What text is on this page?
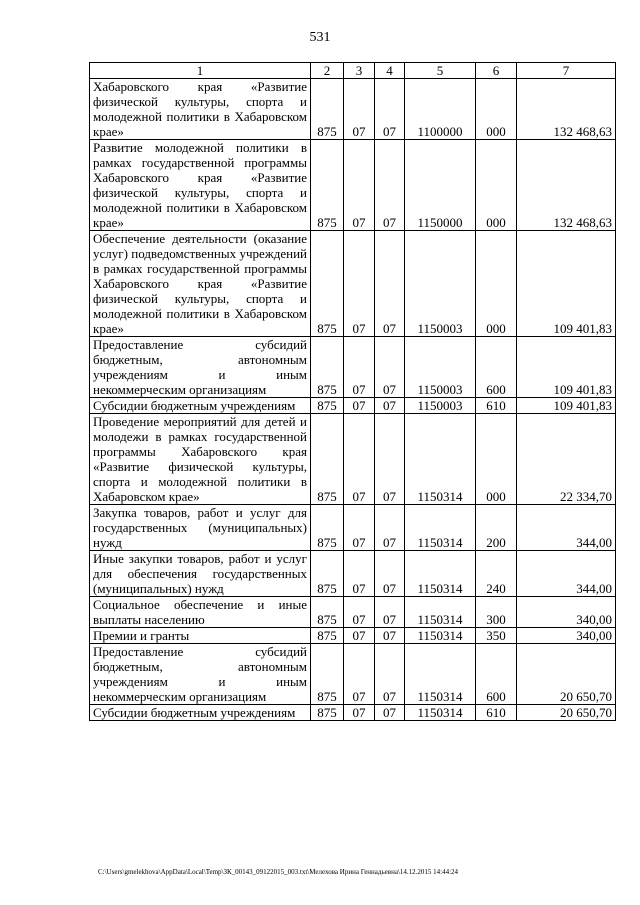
531
1	2	3	4	5	6	7
Хабаровского края «Развитие физической культуры, спорта и молодежной политики в Хабаровском крае»	875	07	07	1100000	000	132 468,63
Развитие молодежной политики в рамках государственной программы Хабаровского края «Развитие физической культуры, спорта и молодежной политики в Хабаровском крае»	875	07	07	1150000	000	132 468,63
Обеспечение деятельности (оказание услуг) подведомственных учреждений в рамках государственной программы Хабаровского края «Развитие физической культуры, спорта и молодежной политики в Хабаровском крае»	875	07	07	1150003	000	109 401,83
Предоставление субсидий бюджетным, автономным учреждениям и иным некоммерческим организациям	875	07	07	1150003	600	109 401,83
Субсидии бюджетным учреждениям	875	07	07	1150003	610	109 401,83
Проведение мероприятий для детей и молодежи в рамках государственной программы Хабаровского края «Развитие физической культуры, спорта и молодежной политики в Хабаровском крае»	875	07	07	1150314	000	22 334,70
Закупка товаров, работ и услуг для государственных (муниципальных) нужд	875	07	07	1150314	200	344,00
Иные закупки товаров, работ и услуг для обеспечения государственных (муниципальных) нужд	875	07	07	1150314	240	344,00
Социальное обеспечение и иные выплаты населению	875	07	07	1150314	300	340,00
Премии и гранты	875	07	07	1150314	350	340,00
Предоставление субсидий бюджетным, автономным учреждениям и иным некоммерческим организациям	875	07	07	1150314	600	20 650,70
Субсидии бюджетным учреждениям	875	07	07	1150314	610	20 650,70
C:\Users\gmelekhova\AppData\Local\Temp\ЗК_00143_09122015_003.txt\Мелехова Ирина Геннадьевна\14.12.2015 14:44:24
